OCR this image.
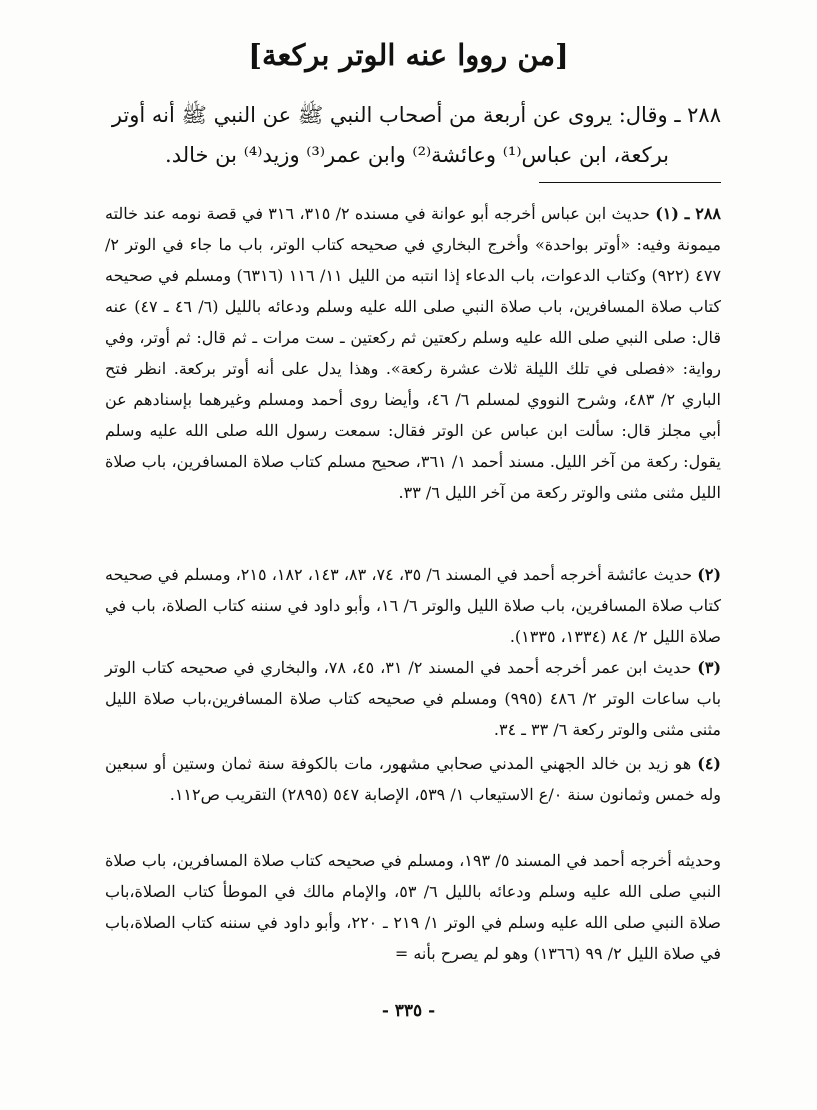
[من رووا عنه الوتر بركعة]
٢٨٨ ـ وقال: يروى عن أربعة من أصحاب النبي ﷺ عن النبي ﷺ أنه أوتر
بركعة، ابن عباس⁽¹⁾ وعائشة⁽²⁾ وابن عمر⁽³⁾ وزيد⁽⁴⁾ بن خالد.
٢٨٨ ـ (١) حديث ابن عباس أخرجه أبو عوانة في مسنده ٢/ ٣١٥، ٣١٦ في قصة نومه عند خالته ميمونة وفيه: «أوتر بواحدة» وأخرج البخاري في صحيحه كتاب الوتر، باب ما جاء في الوتر ٢/ ٤٧٧ (٩٢٢) وكتاب الدعوات، باب الدعاء إذا انتبه من الليل ١١/ ١١٦ (٦٣١٦) ومسلم في صحيحه كتاب صلاة المسافرين، باب صلاة النبي صلى الله عليه وسلم ودعائه بالليل (٦/ ٤٦ ـ ٤٧) عنه قال: صلى النبي صلى الله عليه وسلم ركعتين ثم ركعتين ـ ست مرات ـ ثم قال: ثم أوتر، وفي رواية: «فصلى في تلك الليلة ثلاث عشرة ركعة». وهذا يدل على أنه أوتر بركعة. انظر فتح الباري ٢/ ٤٨٣، وشرح النووي لمسلم ٦/ ٤٦، وأيضا روى أحمد ومسلم وغيرهما بإسنادهم عن أبي مجلز قال: سألت ابن عباس عن الوتر فقال: سمعت رسول الله صلى الله عليه وسلم يقول: ركعة من آخر الليل. مسند أحمد ١/ ٣٦١، صحيح مسلم كتاب صلاة المسافرين، باب صلاة الليل مثنى مثنى والوتر ركعة من آخر الليل ٦/ ٣٣.
(٢) حديث عائشة أخرجه أحمد في المسند ٦/ ٣٥، ٧٤، ٨٣، ١٤٣، ١٨٢، ٢١٥، ومسلم في صحيحه كتاب صلاة المسافرين، باب صلاة الليل والوتر ٦/ ١٦، وأبو داود في سننه كتاب الصلاة، باب في صلاة الليل ٢/ ٨٤ (١٣٣٤، ١٣٣٥).
(٣) حديث ابن عمر أخرجه أحمد في المسند ٢/ ٣١، ٤٥، ٧٨، والبخاري في صحيحه كتاب الوتر باب ساعات الوتر ٢/ ٤٨٦ (٩٩٥) ومسلم في صحيحه كتاب صلاة المسافرين،باب صلاة الليل مثنى مثنى والوتر ركعة ٦/ ٣٣ ـ ٣٤.
(٤) هو زيد بن خالد الجهني المدني صحابي مشهور، مات بالكوفة سنة ثمان وستين أو سبعين وله خمس وثمانون سنة ٠/ع الاستيعاب ١/ ٥٣٩، الإصابة ٥٤٧ (٢٨٩٥) التقريب ص١١٢.
وحديثه أخرجه أحمد في المسند ٥/ ١٩٣، ومسلم في صحيحه كتاب صلاة المسافرين، باب صلاة النبي صلى الله عليه وسلم ودعائه بالليل ٦/ ٥٣، والإمام مالك في الموطأ كتاب الصلاة،باب صلاة النبي صلى الله عليه وسلم في الوتر ١/ ٢١٩ ـ ٢٢٠، وأبو داود في سننه كتاب الصلاة،باب في صلاة الليل ٢/ ٩٩ (١٣٦٦) وهو لم يصرح بأنه =
- ٣٣٥ -
